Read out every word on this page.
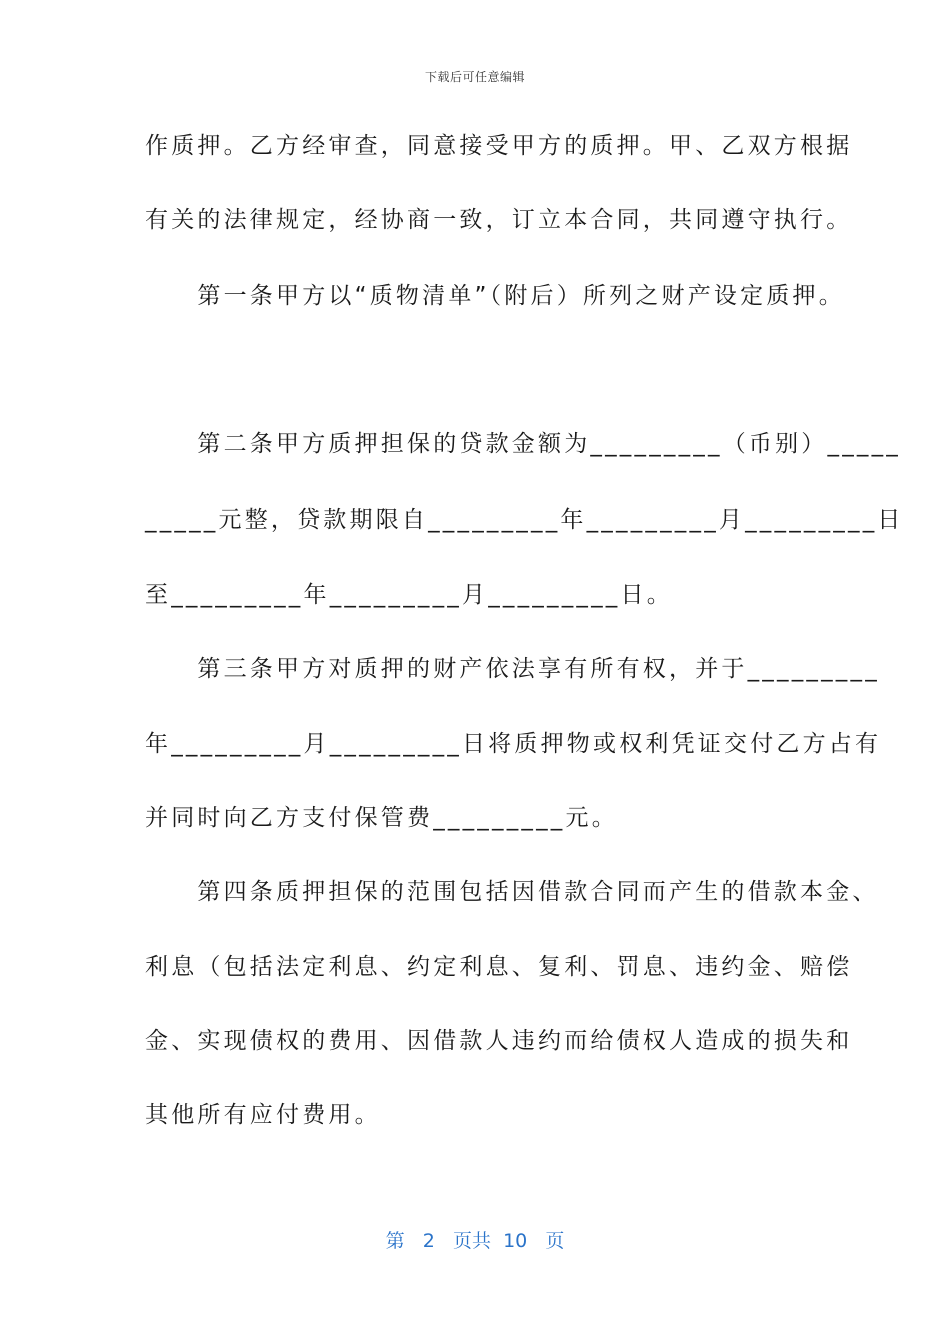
下载后可任意编辑
作质押。乙方经审查，同意接受甲方的质押。甲、乙双方根据
有关的法律规定，经协商一致，订立本合同，共同遵守执行。
　　第一条甲方以“质物清单”（附后）所列之财产设定质押。
　　第二条甲方质押担保的贷款金额为_________（币别）_____
_____元整，贷款期限自_________年_________月_________日
至_________年_________月_________日。
　　第三条甲方对质押的财产依法享有所有权，并于_________
年_________月_________日将质押物或权利凭证交付乙方占有
并同时向乙方支付保管费_________元。
　　第四条质押担保的范围包括因借款合同而产生的借款本金、
利息（包括法定利息、约定利息、复利、罚息、违约金、赔偿
金、实现债权的费用、因借款人违约而给债权人造成的损失和
其他所有应付费用。
第 2 页共 10 页
